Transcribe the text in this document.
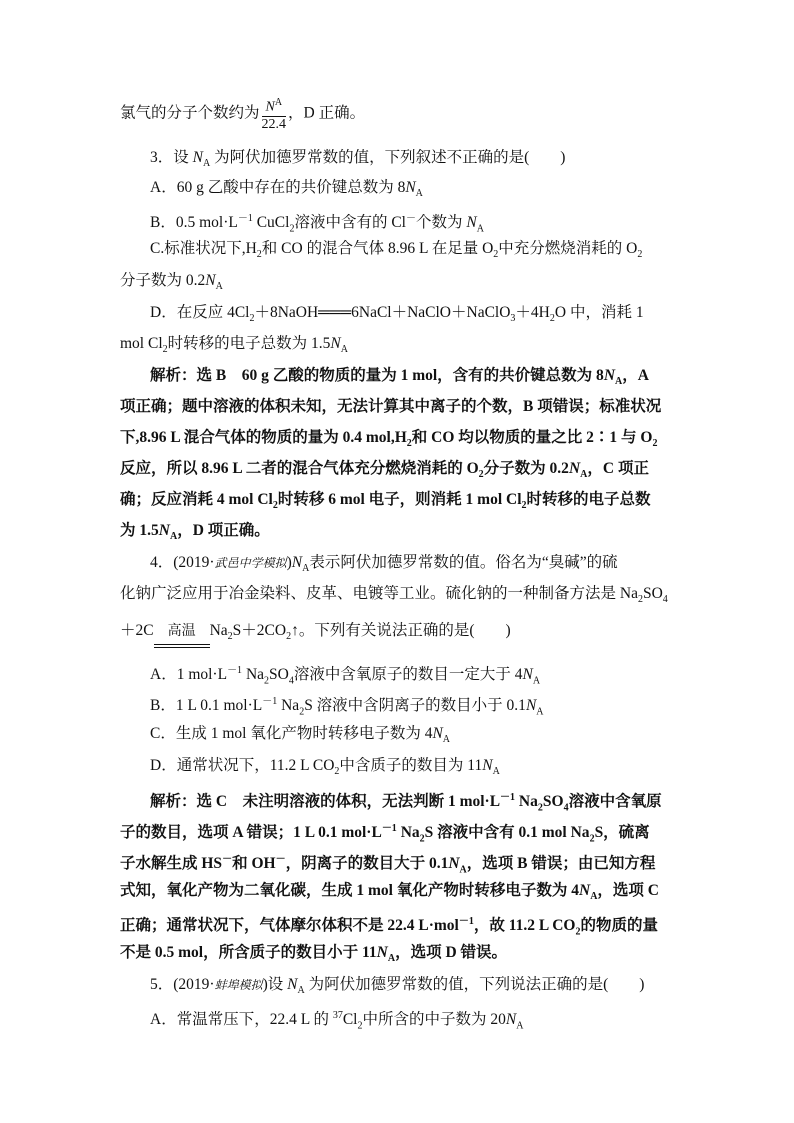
氯气的分子个数约为 $\frac{N^A}{22.4}$ ，D 正确。
3．设 $N_A$ 为阿伏加德罗常数的值，下列叙述不正确的是(　　)
A．60 g 乙酸中存在的共价键总数为 $8N_A$
B．0.5 $mol\cdot L^{-1}$ CuCl$_2$溶液中含有的 Cl－个数为 $N_A$
C.标准状况下$,H_2$和 CO 的混合气体 8.96 L 在足量 $O_2$中充分燃烧消耗的 $O_2$
分子数为 $0.2N_A$
D．在反应 $4Cl_2+8NaOH═══6NaCl+NaClO+NaClO_3+4H_2O$ 中，消耗 1
mol $Cl_2$时转移的电子总数为 $1.5N_A$
解析：选 B　60 g 乙酸的物质的量为 1 mol，含有的共价键总数为 $8N_A$，A
项正确；题中溶液的体积未知，无法计算其中离子的个数，B 项错误；标准状况
下,8.96 L 混合气体的物质的量为 0.4 $mol,H_2$和 CO 均以物质的量之比 2∶1 与 $O_2$
反应，所以 8.96 L 二者的混合气体充分燃烧消耗的 $O_2$分子数为 $0.2N_A$，C 项正
确；反应消耗 4 mol $Cl_2$时转移 6 mol 电子，则消耗 1 mol $Cl_2$时转移的电子总数
为 $1.5N_A$，D 项正确。
4．(2019·武邑中学模拟)$N_A$表示阿伏加德罗常数的值。俗名为“臭碱”的硫
化钠广泛应用于冶金染料、皮革、电镀等工业。硫化钠的一种制备方法是 $Na_2SO_4$
＋2C	高温 $Na_2S+2CO_2↑$。下列有关说法正确的是(　　)
A．1 $mol\cdot L^{-1}$ $Na_2SO_4$溶液中含氧原子的数目一定大于 $4N_A$
B．1 L 0.1 $mol\cdot L^{-1}$ $Na_2S$ 溶液中含阴离子的数目小于 $0.1N_A$
C．生成 1 mol 氧化产物时转移电子数为 $4N_A$
D．通常状况下，11.2 L $CO_2$中含质子的数目为 $11N_A$
解析：选 C　未注明溶液的体积，无法判断 1 $mol\cdot L^{-1}$ $Na_2SO_4$溶液中含氧原
子的数目，选项 A 错误；1 L 0.1 $mol\cdot L^{-1}$ $Na_2S$ 溶液中含有 0.1 mol $Na_2S$，硫离
子水解生成 HS－和 OH－，阴离子的数目大于 $0.1N_A$，选项 B 错误；由已知方程
式知，氧化产物为二氧化碳，生成 1 mol 氧化产物时转移电子数为 $4N_A$，选项 C
正确；通常状况下，气体摩尔体积不是 22.4 L·mol$^{-1}$，故 11.2 L $CO_2$的物质的量
不是 0.5 mol，所含质子的数目小于 $11N_A$，选项 D 错误。
5．(2019·蚌埠模拟)设 $N_A$ 为阿伏加德罗常数的值，下列说法正确的是(　　)
A．常温常压下，22.4 L 的 $^{37}Cl_2$中所含的中子数为 $20N_A$
